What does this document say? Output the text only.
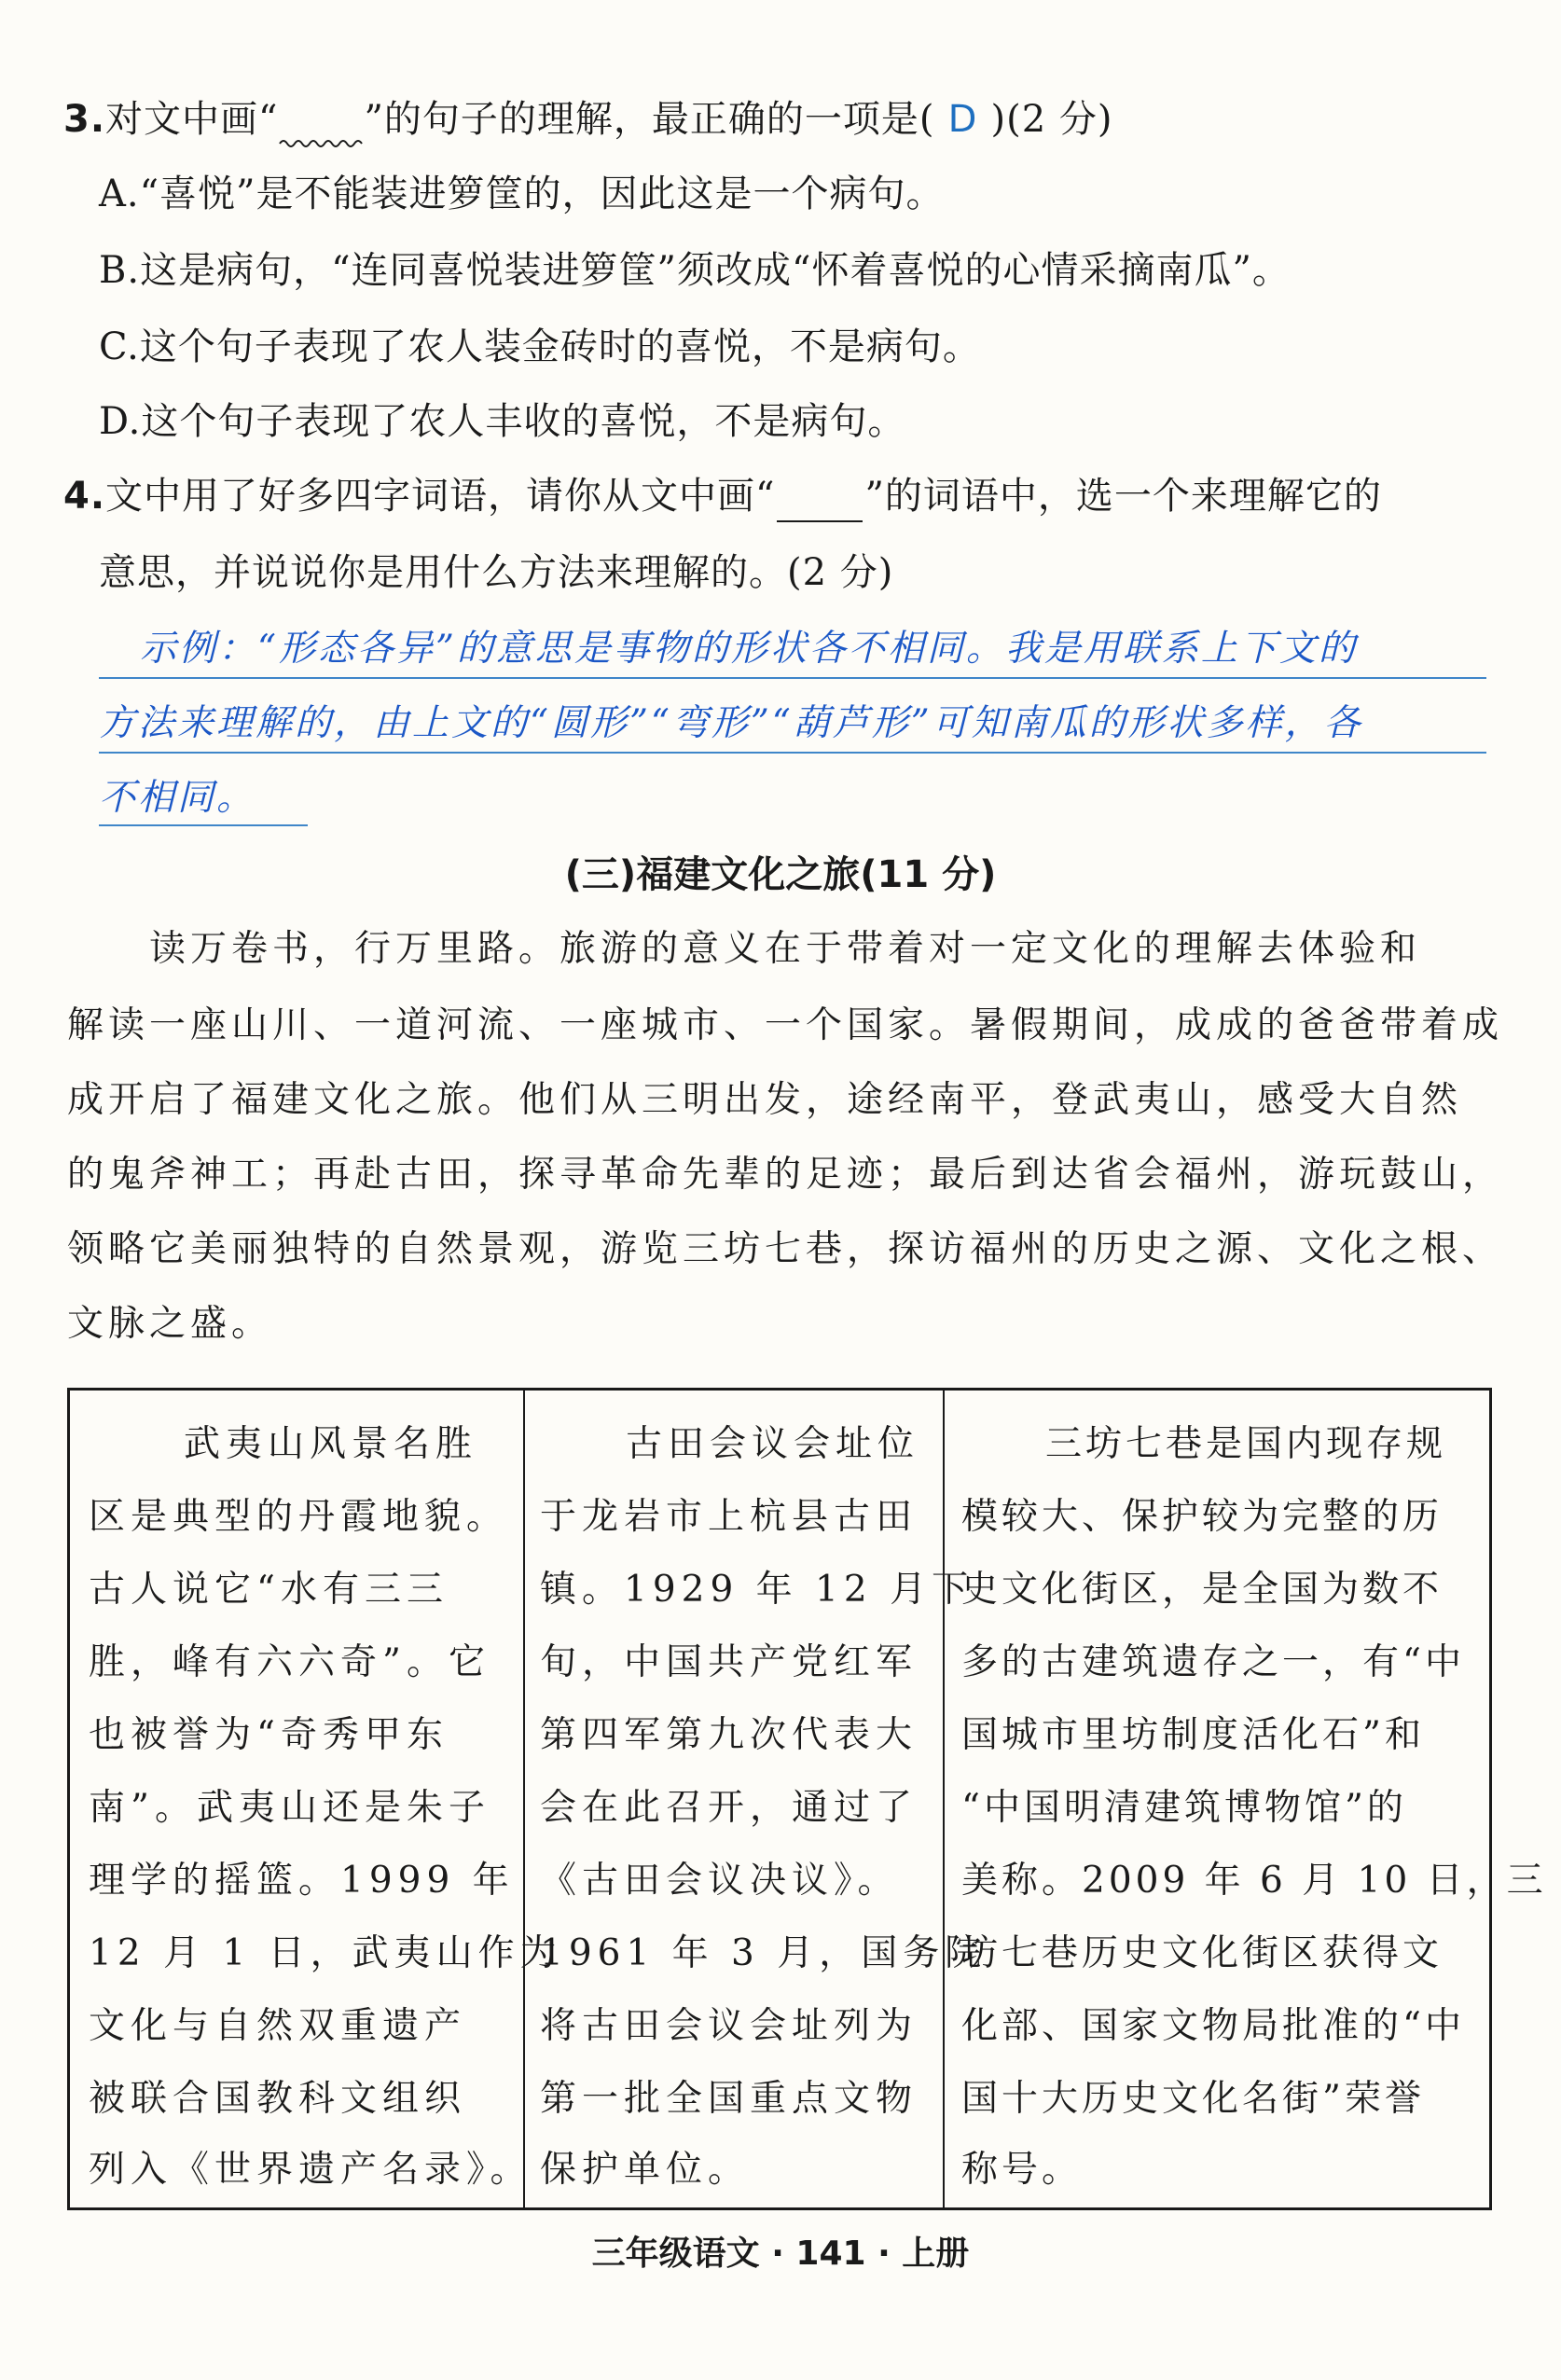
3.对文中画“ ”的句子的理解，最正确的一项是( D )(2 分)
A.“喜悦”是不能装进箩筐的，因此这是一个病句。
B.这是病句，“连同喜悦装进箩筐”须改成“怀着喜悦的心情采摘南瓜”。
C.这个句子表现了农人装金砖时的喜悦，不是病句。
D.这个句子表现了农人丰收的喜悦，不是病句。
4.文中用了好多四字词语，请你从文中画“ ”的词语中，选一个来理解它的
意思，并说说你是用什么方法来理解的。(2 分)
示例：“形态各异”的意思是事物的形状各不相同。我是用联系上下文的
方法来理解的，由上文的“圆形”“弯形”“葫芦形”可知南瓜的形状多样，各
不相同。
(三)福建文化之旅(11 分)
读万卷书，行万里路。旅游的意义在于带着对一定文化的理解去体验和
解读一座山川、一道河流、一座城市、一个国家。暑假期间，成成的爸爸带着成
成开启了福建文化之旅。他们从三明出发，途经南平，登武夷山，感受大自然
的鬼斧神工；再赴古田，探寻革命先辈的足迹；最后到达省会福州，游玩鼓山，
领略它美丽独特的自然景观，游览三坊七巷，探访福州的历史之源、文化之根、
文脉之盛。
武夷山风景名胜
区是典型的丹霞地貌。
古人说它“水有三三
胜，峰有六六奇”。它
也被誉为“奇秀甲东
南”。武夷山还是朱子
理学的摇篮。1999 年
12 月 1 日，武夷山作为
文化与自然双重遗产
被联合国教科文组织
列入《世界遗产名录》。
古田会议会址位
于龙岩市上杭县古田
镇。1929 年 12 月下
旬，中国共产党红军
第四军第九次代表大
会在此召开，通过了
《古田会议决议》。
1961 年 3 月，国务院
将古田会议会址列为
第一批全国重点文物
保护单位。
三坊七巷是国内现存规
模较大、保护较为完整的历
史文化街区，是全国为数不
多的古建筑遗存之一，有“中
国城市里坊制度活化石”和
“中国明清建筑博物馆”的
美称。2009 年 6 月 10 日，三
坊七巷历史文化街区获得文
化部、国家文物局批准的“中
国十大历史文化名街”荣誉
称号。
三年级语文 · 141 · 上册
